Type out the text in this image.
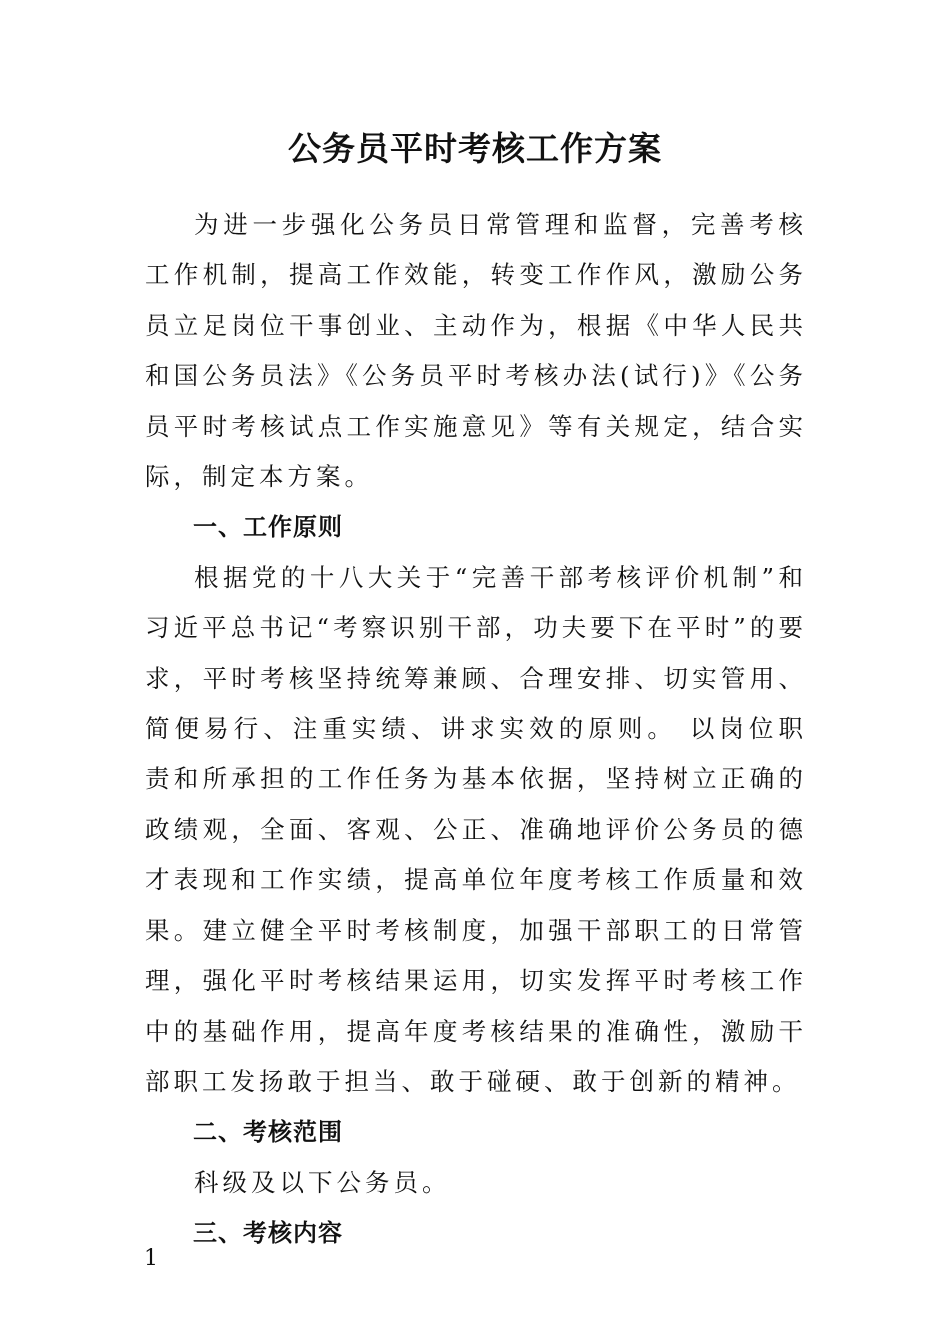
公务员平时考核工作方案

为进一步强化公务员日常管理和监督，完善考核工作机制，提高工作效能，转变工作作风，激励公务员立足岗位干事创业、主动作为，根据《中华人民共和国公务员法》《公务员平时考核办法(试行)》《公务员平时考核试点工作实施意见》等有关规定，结合实际，制定本方案。

一、工作原则

根据党的十八大关于“完善干部考核评价机制”和习近平总书记“考察识别干部，功夫要下在平时”的要求，平时考核坚持统筹兼顾、合理安排、切实管用、简便易行、注重实绩、讲求实效的原则。 以岗位职责和所承担的工作任务为基本依据，坚持树立正确的政绩观，全面、客观、公正、准确地评价公务员的德才表现和工作实绩，提高单位年度考核工作质量和效果。建立健全平时考核制度，加强干部职工的日常管理，强化平时考核结果运用，切实发挥平时考核工作中的基础作用，提高年度考核结果的准确性，激励干部职工发扬敢于担当、敢于碰硬、敢于创新的精神。

二、考核范围

科级及以下公务员。

三、考核内容

1
